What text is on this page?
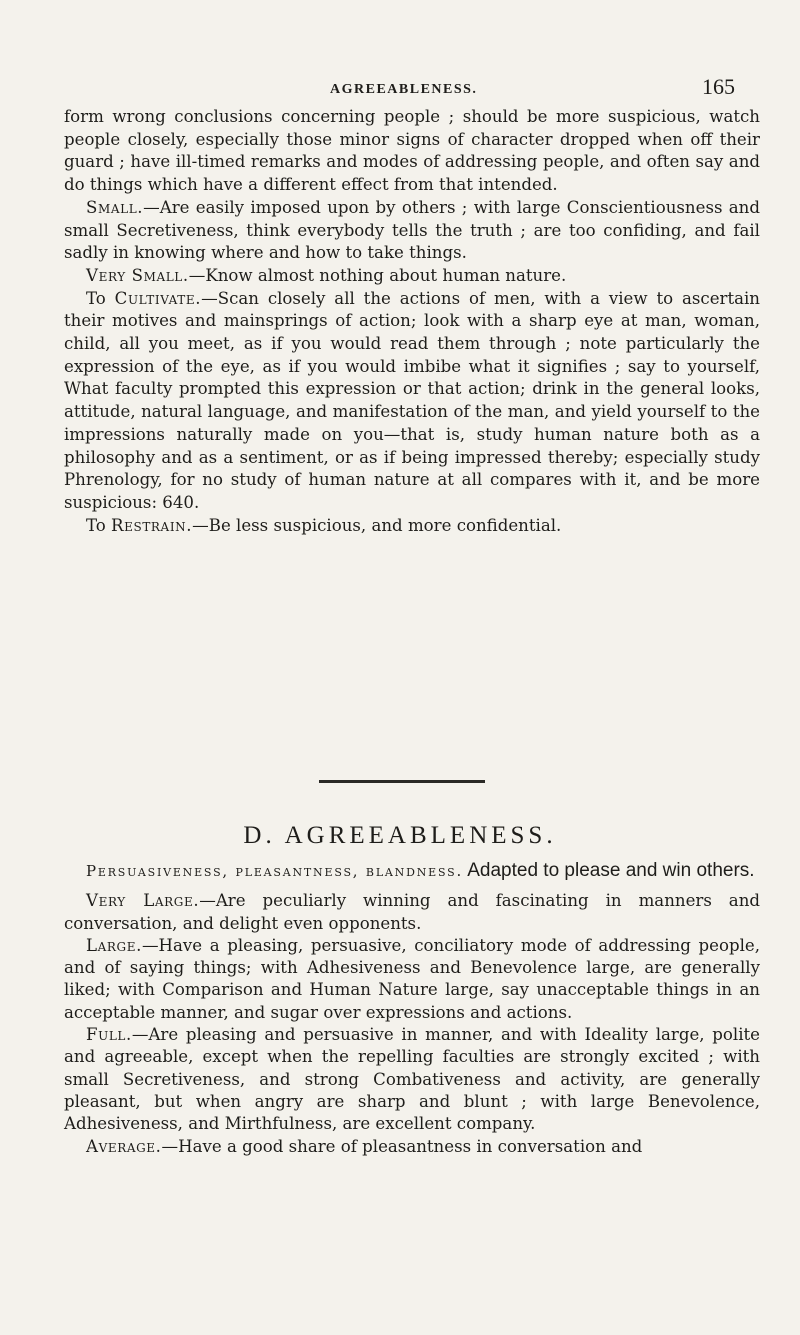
AGREEABLENESS.	165

form wrong conclusions concerning people ; should be more suspicious, watch people closely, especially those minor signs of character dropped when off their guard ; have ill-timed remarks and modes of addressing people, and often say and do things which have a different effect from that intended.

Small.—Are easily imposed upon by others ; with large Conscientiousness and small Secretiveness, think everybody tells the truth ; are too confiding, and fail sadly in knowing where and how to take things.

Very Small.—Know almost nothing about human nature.

To Cultivate.—Scan closely all the actions of men, with a view to ascertain their motives and mainsprings of action; look with a sharp eye at man, woman, child, all you meet, as if you would read them through ; note particularly the expression of the eye, as if you would imbibe what it signifies ; say to yourself, What faculty prompted this expression or that action; drink in the general looks, attitude, natural language, and manifestation of the man, and yield yourself to the impressions naturally made on you—that is, study human nature both as a philosophy and as a sentiment, or as if being impressed thereby; especially study Phrenology, for no study of human nature at all compares with it, and be more suspicious: 640.

To Restrain.—Be less suspicious, and more confidential.

D. AGREEABLENESS.

Persuasiveness, pleasantness, blandness. Adapted to please and win others.

Very Large.—Are peculiarly winning and fascinating in manners and conversation, and delight even opponents.

Large.—Have a pleasing, persuasive, conciliatory mode of addressing people, and of saying things; with Adhesiveness and Benevolence large, are generally liked; with Comparison and Human Nature large, say unacceptable things in an acceptable manner, and sugar over expressions and actions.

Full.—Are pleasing and persuasive in manner, and with Ideality large, polite and agreeable, except when the repelling faculties are strongly excited ; with small Secretiveness, and strong Combativeness and activity, are generally pleasant, but when angry are sharp and blunt ; with large Benevolence, Adhesiveness, and Mirthfulness, are excellent company.

Average.—Have a good share of pleasantness in conversation and
